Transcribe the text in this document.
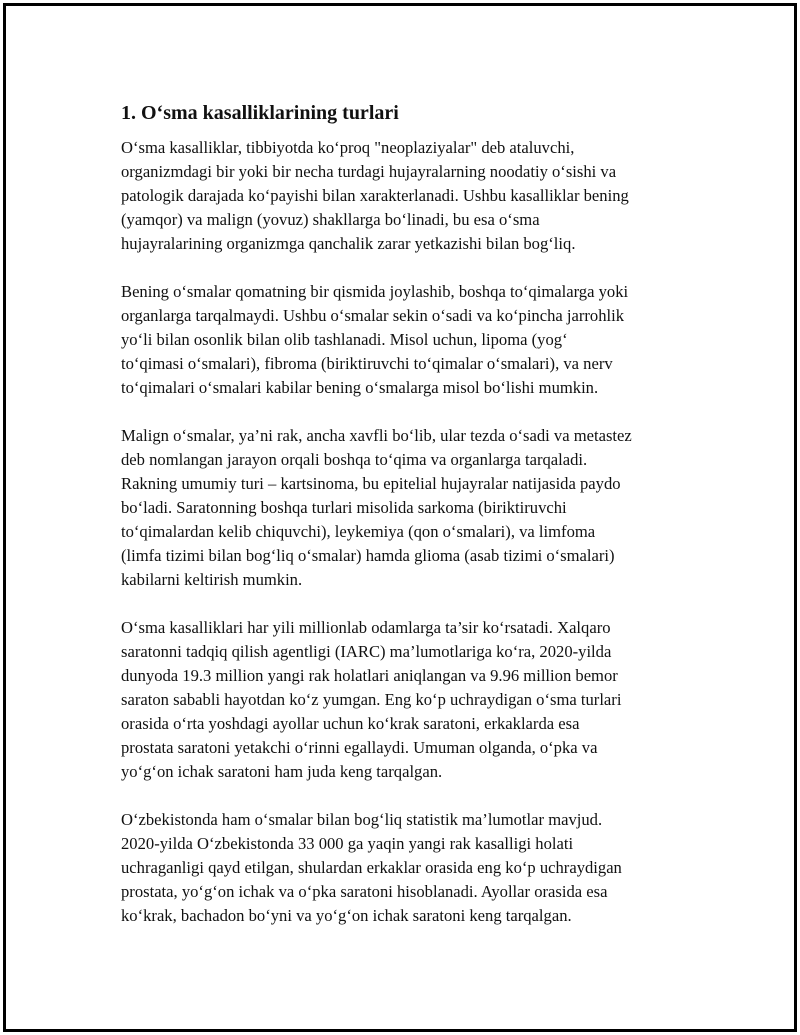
1. O‘sma kasalliklarining turlari

O‘sma kasalliklar, tibbiyotda ko‘proq "neoplaziyalar" deb ataluvchi,
organizmdagi bir yoki bir necha turdagi hujayralarning noodatiy o‘sishi va
patologik darajada ko‘payishi bilan xarakterlanadi. Ushbu kasalliklar bening
(yamqor) va malign (yovuz) shakllarga bo‘linadi, bu esa o‘sma
hujayralarining organizmga qanchalik zarar yetkazishi bilan bog‘liq.

Bening o‘smalar qomatning bir qismida joylashib, boshqa to‘qimalarga yoki
organlarga tarqalmaydi. Ushbu o‘smalar sekin o‘sadi va ko‘pincha jarrohlik
yo‘li bilan osonlik bilan olib tashlanadi. Misol uchun, lipoma (yog‘
to‘qimasi o‘smalari), fibroma (biriktiruvchi to‘qimalar o‘smalari), va nerv
to‘qimalari o‘smalari kabilar bening o‘smalarga misol bo‘lishi mumkin.

Malign o‘smalar, ya’ni rak, ancha xavfli bo‘lib, ular tezda o‘sadi va metastez
deb nomlangan jarayon orqali boshqa to‘qima va organlarga tarqaladi.
Rakning umumiy turi – kartsinoma, bu epitelial hujayralar natijasida paydo
bo‘ladi. Saratonning boshqa turlari misolida sarkoma (biriktiruvchi
to‘qimalardan kelib chiquvchi), leykemiya (qon o‘smalari), va limfoma
(limfa tizimi bilan bog‘liq o‘smalar) hamda glioma (asab tizimi o‘smalari)
kabilarni keltirish mumkin.

O‘sma kasalliklari har yili millionlab odamlarga ta’sir ko‘rsatadi. Xalqaro
saratonni tadqiq qilish agentligi (IARC) ma’lumotlariga ko‘ra, 2020-yilda
dunyoda 19.3 million yangi rak holatlari aniqlangan va 9.96 million bemor
saraton sababli hayotdan ko‘z yumgan. Eng ko‘p uchraydigan o‘sma turlari
orasida o‘rta yoshdagi ayollar uchun ko‘krak saratoni, erkaklarda esa
prostata saratoni yetakchi o‘rinni egallaydi. Umuman olganda, o‘pka va
yo‘g‘on ichak saratoni ham juda keng tarqalgan.

O‘zbekistonda ham o‘smalar bilan bog‘liq statistik ma’lumotlar mavjud.
2020-yilda O‘zbekistonda 33 000 ga yaqin yangi rak kasalligi holati
uchraganligi qayd etilgan, shulardan erkaklar orasida eng ko‘p uchraydigan
prostata, yo‘g‘on ichak va o‘pka saratoni hisoblanadi. Ayollar orasida esa
ko‘krak, bachadon bo‘yni va yo‘g‘on ichak saratoni keng tarqalgan.
